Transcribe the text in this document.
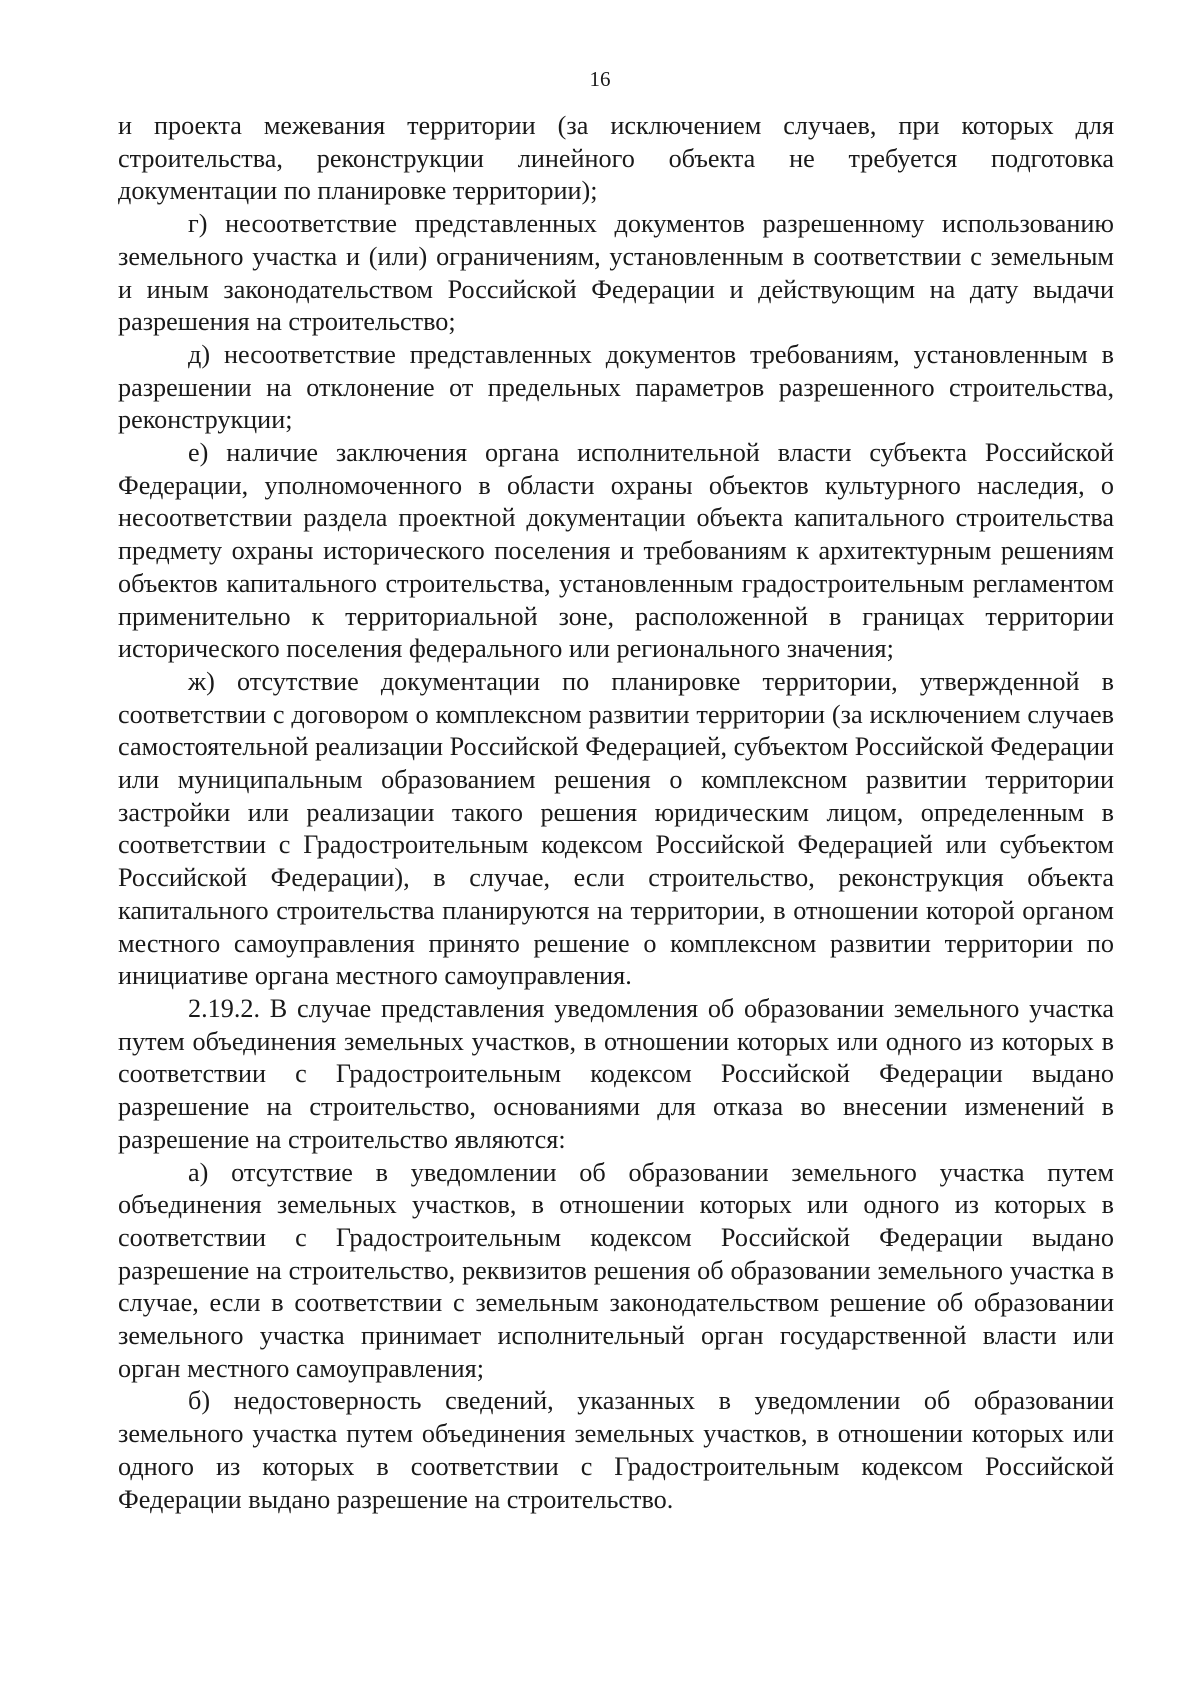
16

и проекта межевания территории (за исключением случаев, при которых для строительства, реконструкции линейного объекта не требуется подготовка документации по планировке территории);

г) несоответствие представленных документов разрешенному использованию земельного участка и (или) ограничениям, установленным в соответствии с земельным и иным законодательством Российской Федерации и действующим на дату выдачи разрешения на строительство;

д) несоответствие представленных документов требованиям, установленным в разрешении на отклонение от предельных параметров разрешенного строительства, реконструкции;

е) наличие заключения органа исполнительной власти субъекта Российской Федерации, уполномоченного в области охраны объектов культурного наследия, о несоответствии раздела проектной документации объекта капитального строительства предмету охраны исторического поселения и требованиям к архитектурным решениям объектов капитального строительства, установленным градостроительным регламентом применительно к территориальной зоне, расположенной в границах территории исторического поселения федерального или регионального значения;

ж) отсутствие документации по планировке территории, утвержденной в соответствии с договором о комплексном развитии территории (за исключением случаев самостоятельной реализации Российской Федерацией, субъектом Российской Федерации или муниципальным образованием решения о комплексном развитии территории застройки или реализации такого решения юридическим лицом, определенным в соответствии с Градостроительным кодексом Российской Федерацией или субъектом Российской Федерации), в случае, если строительство, реконструкция объекта капитального строительства планируются на территории, в отношении которой органом местного самоуправления принято решение о комплексном развитии территории по инициативе органа местного самоуправления.

2.19.2. В случае представления уведомления об образовании земельного участка путем объединения земельных участков, в отношении которых или одного из которых в соответствии с Градостроительным кодексом Российской Федерации выдано разрешение на строительство, основаниями для отказа во внесении изменений в разрешение на строительство являются:

а) отсутствие в уведомлении об образовании земельного участка путем объединения земельных участков, в отношении которых или одного из которых в соответствии с Градостроительным кодексом Российской Федерации выдано разрешение на строительство, реквизитов решения об образовании земельного участка в случае, если в соответствии с земельным законодательством решение об образовании земельного участка принимает исполнительный орган государственной власти или орган местного самоуправления;

б) недостоверность сведений, указанных в уведомлении об образовании земельного участка путем объединения земельных участков, в отношении которых или одного из которых в соответствии с Градостроительным кодексом Российской Федерации выдано разрешение на строительство.
